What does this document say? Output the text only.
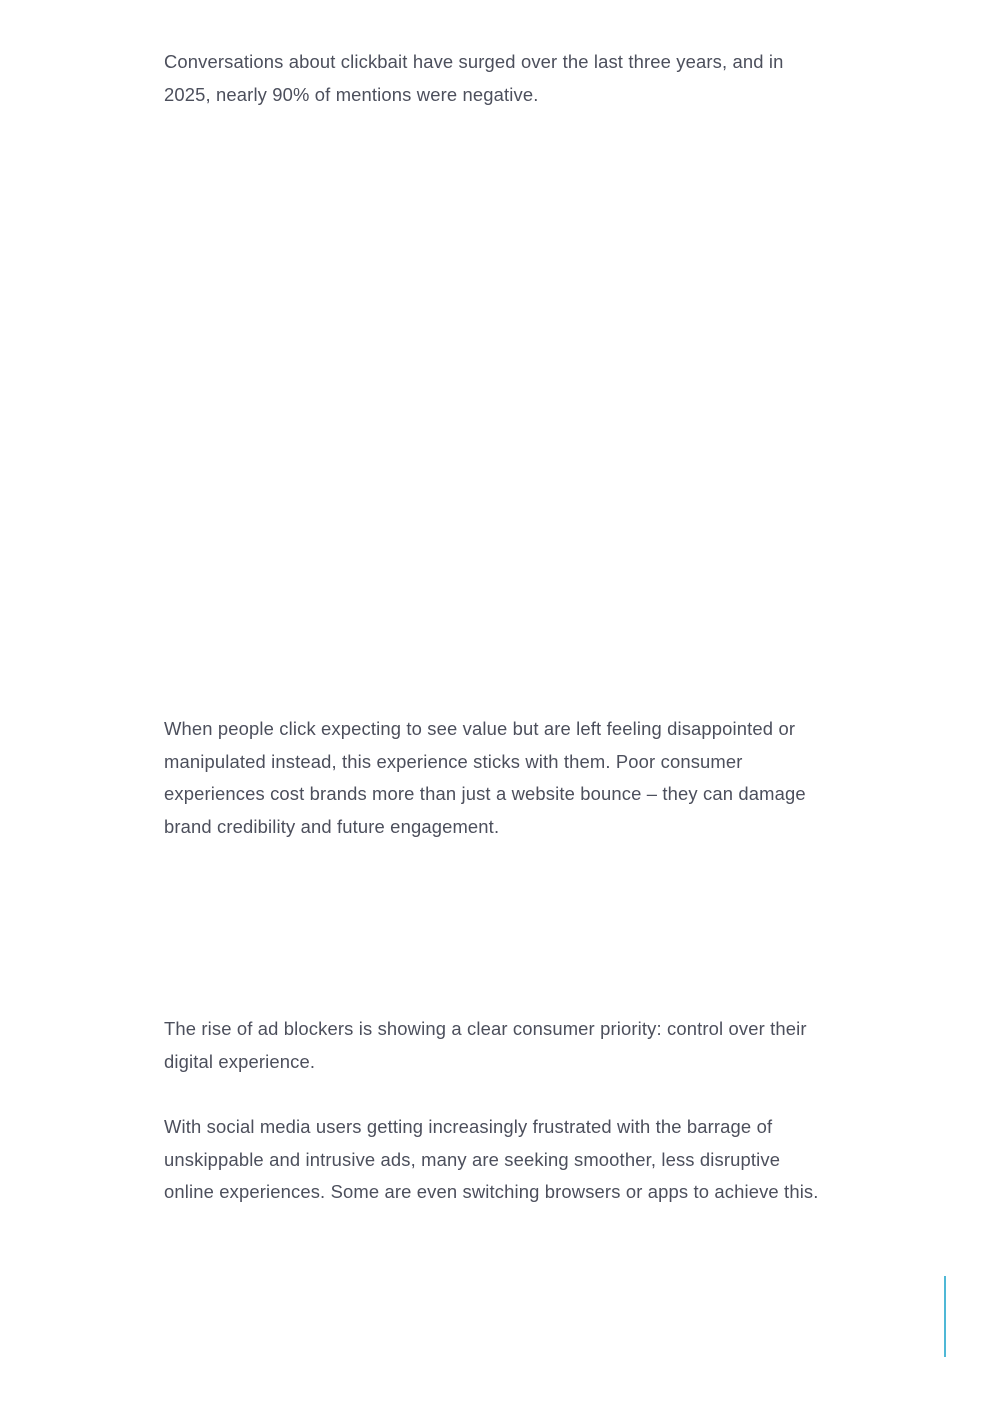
Conversations about clickbait have surged over the last three years, and in 2025, nearly 90% of mentions were negative.

When people click expecting to see value but are left feeling disappointed or manipulated instead, this experience sticks with them. Poor consumer experiences cost brands more than just a website bounce – they can damage brand credibility and future engagement.

The rise of ad blockers is showing a clear consumer priority: control over their digital experience.

With social media users getting increasingly frustrated with the barrage of unskippable and intrusive ads, many are seeking smoother, less disruptive online experiences. Some are even switching browsers or apps to achieve this.
